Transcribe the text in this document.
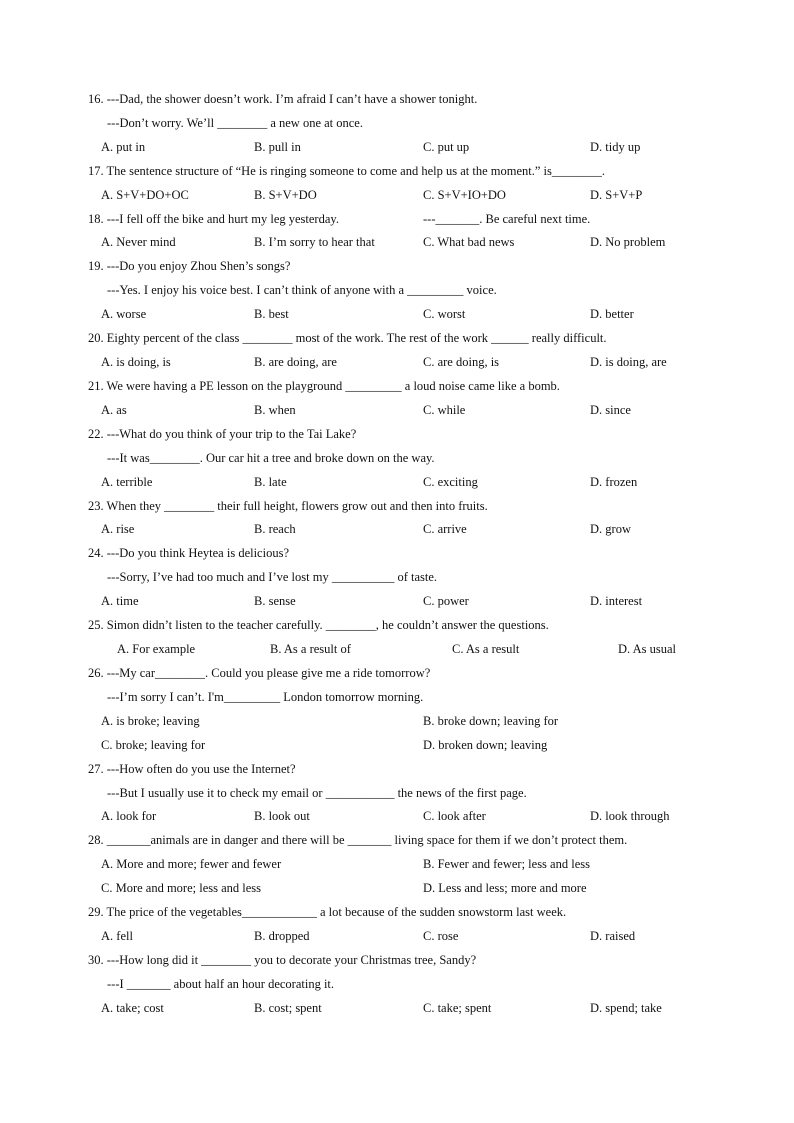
16. ---Dad, the shower doesn’t work. I’m afraid I can’t have a shower tonight.
---Don’t worry. We’ll ________ a new one at once.
A. put in	B. pull in	C. put up	D. tidy up
17. The sentence structure of “He is ringing someone to come and help us at the moment.” is________.
A. S+V+DO+OC	B. S+V+DO	C. S+V+IO+DO	D. S+V+P
18. ---I fell off the bike and hurt my leg yesterday.	---_______. Be careful next time.
A. Never mind	B. I’m sorry to hear that	C. What bad news	D. No problem
19. ---Do you enjoy Zhou Shen’s songs?
---Yes. I enjoy his voice best. I can’t think of anyone with a _________ voice.
A. worse	B. best	C. worst	D. better
20. Eighty percent of the class ________ most of the work. The rest of the work ______ really difficult.
A. is doing, is	B. are doing, are	C. are doing, is	D. is doing, are
21. We were having a PE lesson on the playground _________ a loud noise came like a bomb.
A. as	B. when	C. while	D. since
22. ---What do you think of your trip to the Tai Lake?
---It was________. Our car hit a tree and broke down on the way.
A. terrible	B. late	C. exciting	D. frozen
23. When they ________ their full height, flowers grow out and then into fruits.
A. rise	B. reach	C. arrive	D. grow
24. ---Do you think Heytea is delicious?
---Sorry, I’ve had too much and I’ve lost my __________ of taste.
A. time	B. sense	C. power	D. interest
25. Simon didn’t listen to the teacher carefully. ________, he couldn’t answer the questions.
A. For example	B. As a result of	C. As a result	D. As usual
26. ---My car________. Could you please give me a ride tomorrow?
---I’m sorry I can’t. I'm_________ London tomorrow morning.
A. is broke; leaving	B. broke down; leaving for
C. broke; leaving for	D. broken down; leaving
27. ---How often do you use the Internet?
---But I usually use it to check my email or ___________ the news of the first page.
A. look for	B. look out	C. look after	D. look through
28. _______animals are in danger and there will be _______ living space for them if we don’t protect them.
A. More and more; fewer and fewer	B. Fewer and fewer; less and less
C. More and more; less and less	D. Less and less; more and more
29. The price of the vegetables____________ a lot because of the sudden snowstorm last week.
A. fell	B. dropped	C. rose	D. raised
30. ---How long did it ________ you to decorate your Christmas tree, Sandy?
---I _______ about half an hour decorating it.
A. take; cost	B. cost; spent	C. take; spent	D. spend; take
